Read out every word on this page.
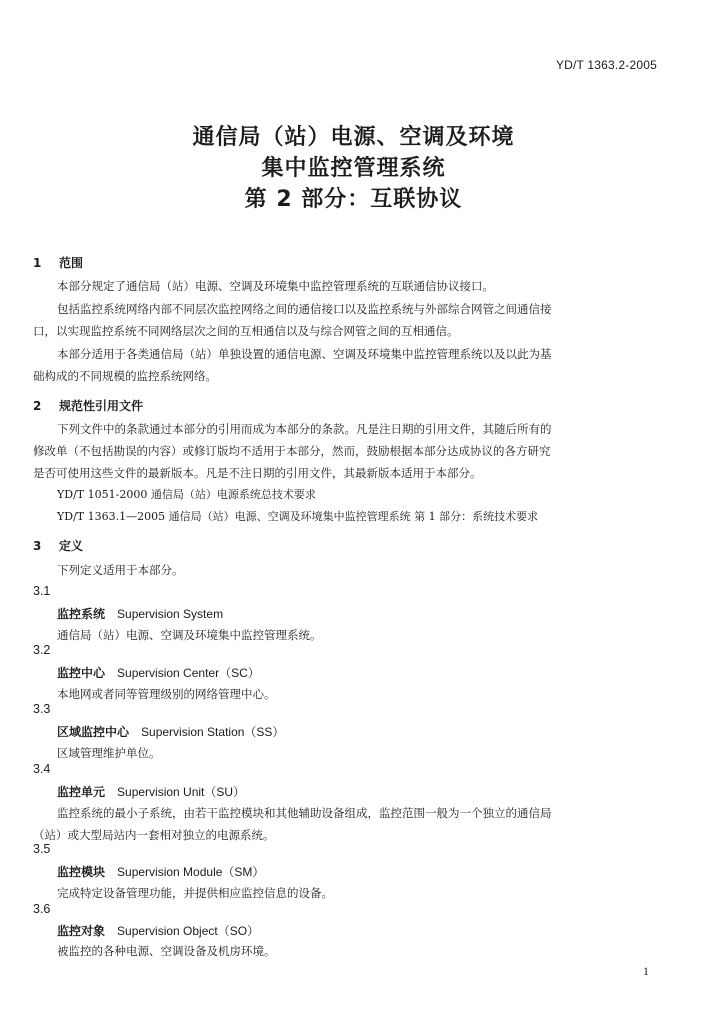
YD/T 1363.2-2005
通信局（站）电源、空调及环境
集中监控管理系统
第 2 部分：互联协议
1 范围
本部分规定了通信局（站）电源、空调及环境集中监控管理系统的互联通信协议接口。
包括监控系统网络内部不同层次监控网络之间的通信接口以及监控系统与外部综合网管之间通信接
口，以实现监控系统不同网络层次之间的互相通信以及与综合网管之间的互相通信。
本部分适用于各类通信局（站）单独设置的通信电源、空调及环境集中监控管理系统以及以此为基
础构成的不同规模的监控系统网络。
2 规范性引用文件
下列文件中的条款通过本部分的引用而成为本部分的条款。凡是注日期的引用文件，其随后所有的
修改单（不包括勘误的内容）或修订版均不适用于本部分，然而，鼓励根据本部分达成协议的各方研究
是否可使用这些文件的最新版本。凡是不注日期的引用文件，其最新版本适用于本部分。
YD/T 1051-2000 通信局（站）电源系统总技术要求
YD/T 1363.1—2005 通信局（站）电源、空调及环境集中监控管理系统 第 1 部分：系统技术要求
3 定义
下列定义适用于本部分。
3.1
监控系统 Supervision System
通信局（站）电源、空调及环境集中监控管理系统。
3.2
监控中心 Supervision Center（SC）
本地网或者同等管理级别的网络管理中心。
3.3
区域监控中心 Supervision Station（SS）
区域管理维护单位。
3.4
监控单元 Supervision Unit（SU）
监控系统的最小子系统，由若干监控模块和其他辅助设备组成，监控范围一般为一个独立的通信局
（站）或大型局站内一套相对独立的电源系统。
3.5
监控模块 Supervision Module（SM）
完成特定设备管理功能，并提供相应监控信息的设备。
3.6
监控对象 Supervision Object（SO）
被监控的各种电源、空调设备及机房环境。
1
